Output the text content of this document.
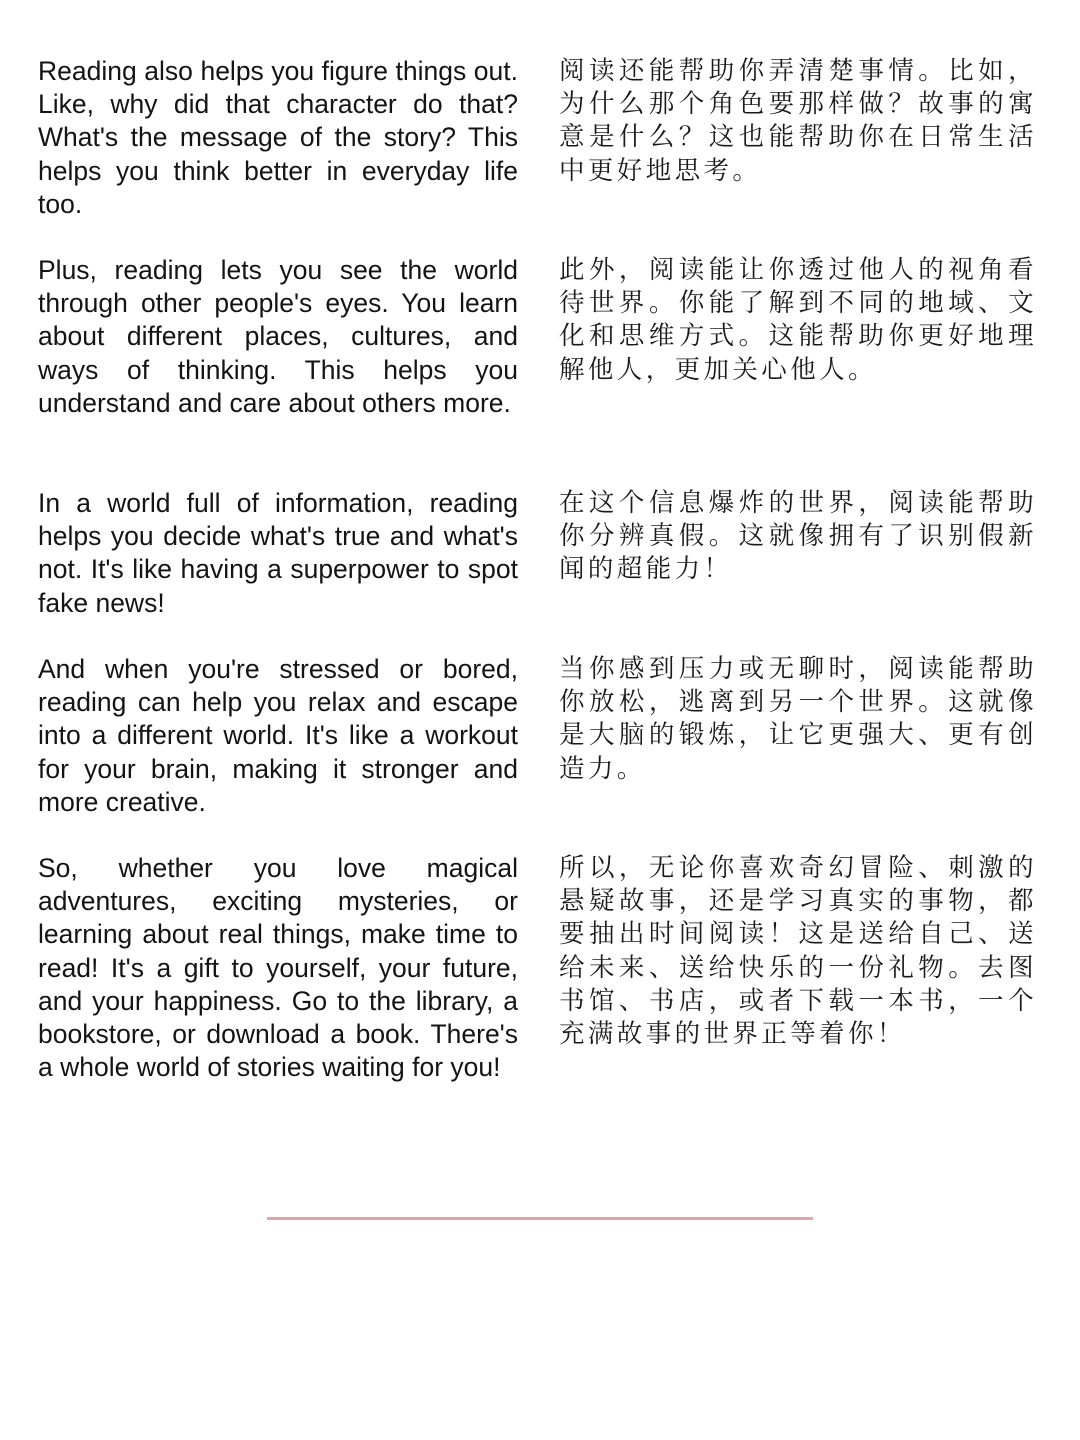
Reading also helps you figure things out. Like, why did that character do that? What's the message of the story? This helps you think better in everyday life too.

阅读还能帮助你弄清楚事情。比如，为什么那个角色要那样做？故事的寓意是什么？这也能帮助你在日常生活中更好地思考。

Plus, reading lets you see the world through other people's eyes. You learn about different places, cultures, and ways of thinking. This helps you understand and care about others more.

此外，阅读能让你透过他人的视角看待世界。你能了解到不同的地域、文化和思维方式。这能帮助你更好地理解他人，更加关心他人。

In a world full of information, reading helps you decide what's true and what's not. It's like having a superpower to spot fake news!

在这个信息爆炸的世界，阅读能帮助你分辨真假。这就像拥有了识别假新闻的超能力！

And when you're stressed or bored, reading can help you relax and escape into a different world. It's like a workout for your brain, making it stronger and more creative.

当你感到压力或无聊时，阅读能帮助你放松，逃离到另一个世界。这就像是大脑的锻炼，让它更强大、更有创造力。

So, whether you love magical adventures, exciting mysteries, or learning about real things, make time to read! It's a gift to yourself, your future, and your happiness. Go to the library, a bookstore, or download a book. There's a whole world of stories waiting for you!

所以，无论你喜欢奇幻冒险、刺激的悬疑故事，还是学习真实的事物，都要抽出时间阅读！这是送给自己、送给未来、送给快乐的一份礼物。去图书馆、书店，或者下载一本书，一个充满故事的世界正等着你！
